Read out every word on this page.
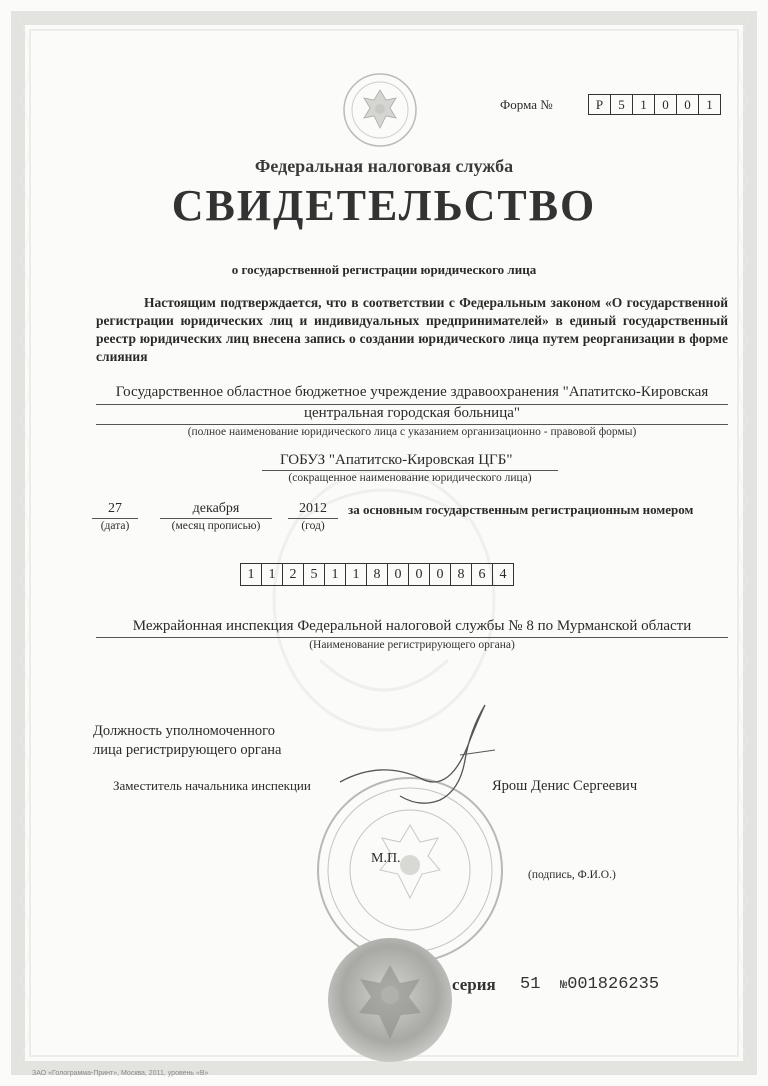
Форма №	Р	5	1	0	0	1
Федеральная налоговая служба
СВИДЕТЕЛЬСТВО
о государственной регистрации юридического лица
Настоящим подтверждается, что в соответствии с Федеральным законом «О государственной регистрации юридических лиц и индивидуальных предпринимателей» в единый государственный реестр юридических лиц внесена запись о создании юридического лица путем реорганизации в форме слияния
Государственное областное бюджетное учреждение здравоохранения "Апатитско-Кировская центральная городская больница"
(полное наименование юридического лица с указанием организационно - правовой формы)
ГОБУЗ "Апатитско-Кировская ЦГБ"
(сокращенное наименование юридического лица)
27
(дата)
декабря
(месяц прописью)
2012
(год)
за основным государственным регистрационным номером
1	1	2	5	1	1	8	0	0	0	8	6	4
Межрайонная инспекция Федеральной налоговой службы № 8 по Мурманской области
(Наименование регистрирующего органа)
Должность уполномоченного
лица регистрирующего органа
Заместитель начальника инспекции	Ярош Денис Сергеевич
М.П.
(подпись, Ф.И.О.)
серия 51 №001826235
ЗАО «Голограмма-Принт», Москва, 2011, уровень «В»
